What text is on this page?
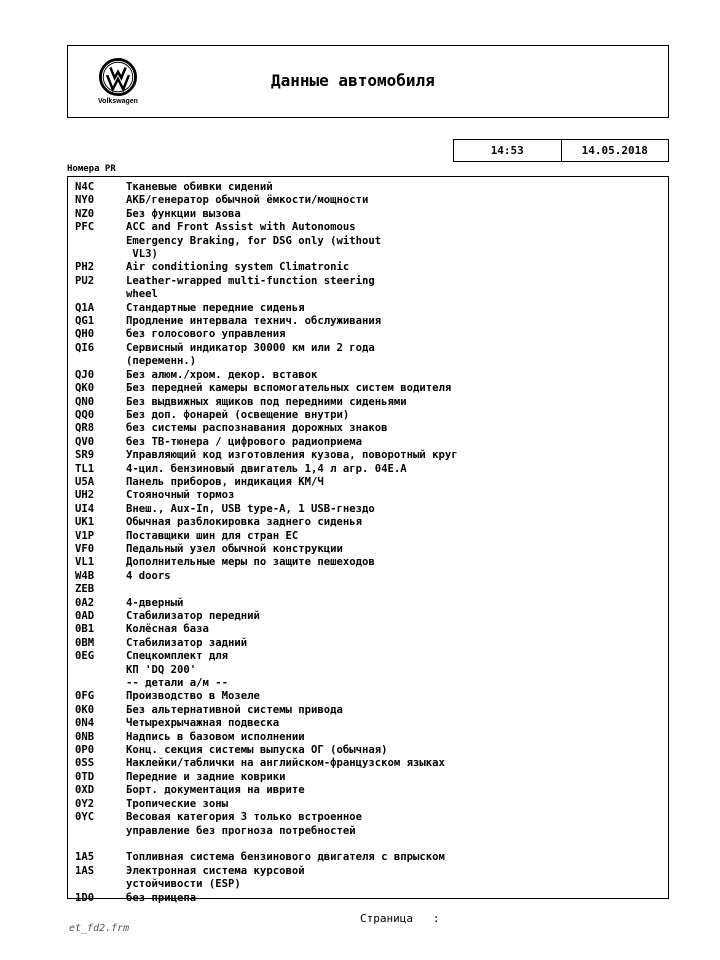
Volkswagen
Данные автомобиля
14:53	14.05.2018
Номера PR
N4C	Тканевые обивки сидений
NY0	АКБ/генератор обычной ёмкости/мощности
NZ0	Без функции вызова
PFC	ACC and Front Assist with Autonomous
Emergency Braking, for DSG only (without
VL3)
PH2	Air conditioning system Climatronic
PU2	Leather-wrapped multi-function steering
wheel
Q1A	Стандартные передние сиденья
QG1	Продление интервала технич. обслуживания
QH0	без голосового управления
QI6	Сервисный индикатор 30000 км или 2 года
(переменн.)
QJ0	Без алюм./хром. декор. вставок
QK0	Без передней камеры вспомогательных систем водителя
QN0	Без выдвижных ящиков под передними сиденьями
QQ0	Без доп. фонарей (освещение внутри)
QR8	без системы распознавания дорожных знаков
QV0	без ТВ-тюнера / цифрового радиоприема
SR9	Управляющий код изготовления кузова, поворотный круг
TL1	4-цил. бензиновый двигатель 1,4 л агр. 04E.A
U5A	Панель приборов, индикация КМ/Ч
UH2	Стояночный тормоз
UI4	Внеш., Aux-In, USB type-A, 1 USB-гнездо
UK1	Обычная разблокировка заднего сиденья
V1P	Поставщики шин для стран ЕС
VF0	Педальный узел обычной конструкции
VL1	Дополнительные меры по защите пешеходов
W4B	4 doors
ZEB
0A2	4-дверный
0AD	Стабилизатор передний
0B1	Колёсная база
0BM	Стабилизатор задний
0EG	Спецкомплект для
КП 'DQ 200'
-- детали а/м --
0FG	Производство в Мозеле
0K0	Без альтернативной системы привода
0N4	Четырехрычажная подвеска
0NB	Надпись в базовом исполнении
0P0	Конц. секция системы выпуска ОГ (обычная)
0SS	Наклейки/таблички на английском-французском языках
0TD	Передние и задние коврики
0XD	Борт. документация на иврите
0Y2	Тропические зоны
0YC	Весовая категория 3 только встроенное
управление без прогноза потребностей
1A5	Топливная система бензинового двигателя с впрыском
1AS	Электронная система курсовой
устойчивости (ESP)
1D0	без прицепа
et_fd2.frm
Страница   :
